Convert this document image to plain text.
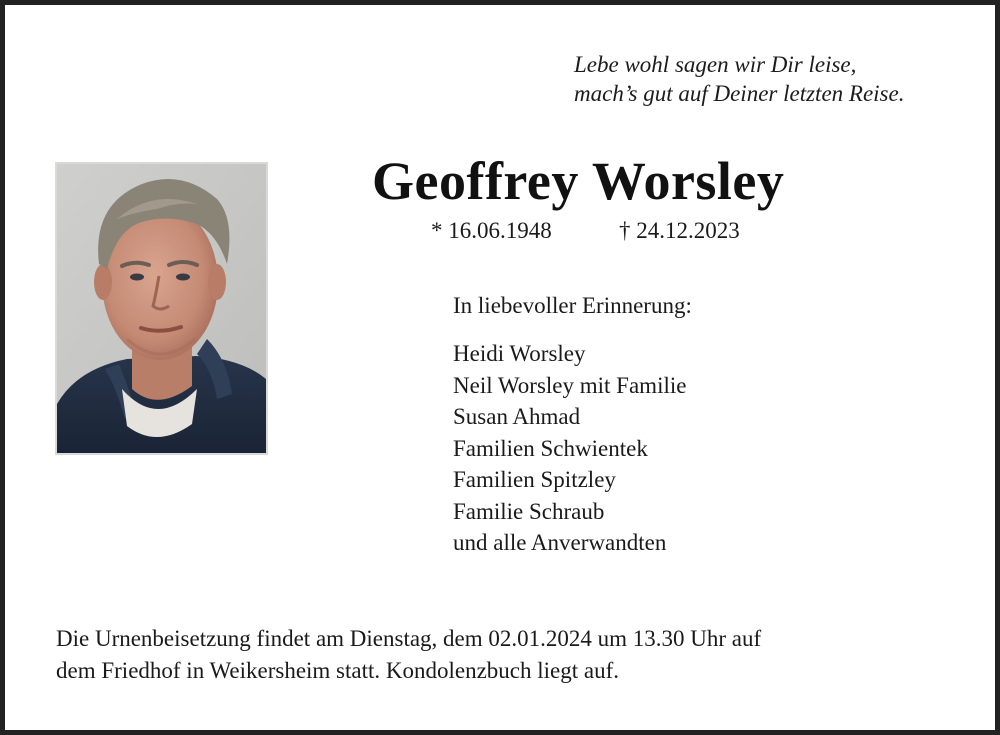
Lebe wohl sagen wir Dir leise,
mach’s gut auf Deiner letzten Reise.
Geoffrey Worsley
* 16.06.1948	† 24.12.2023
In liebevoller Erinnerung:
Heidi Worsley
Neil Worsley mit Familie
Susan Ahmad
Familien Schwientek
Familien Spitzley
Familie Schraub
und alle Anverwandten
Die Urnenbeisetzung findet am Dienstag, dem 02.01.2024 um 13.30 Uhr auf
dem Friedhof in Weikersheim statt. Kondolenzbuch liegt auf.
